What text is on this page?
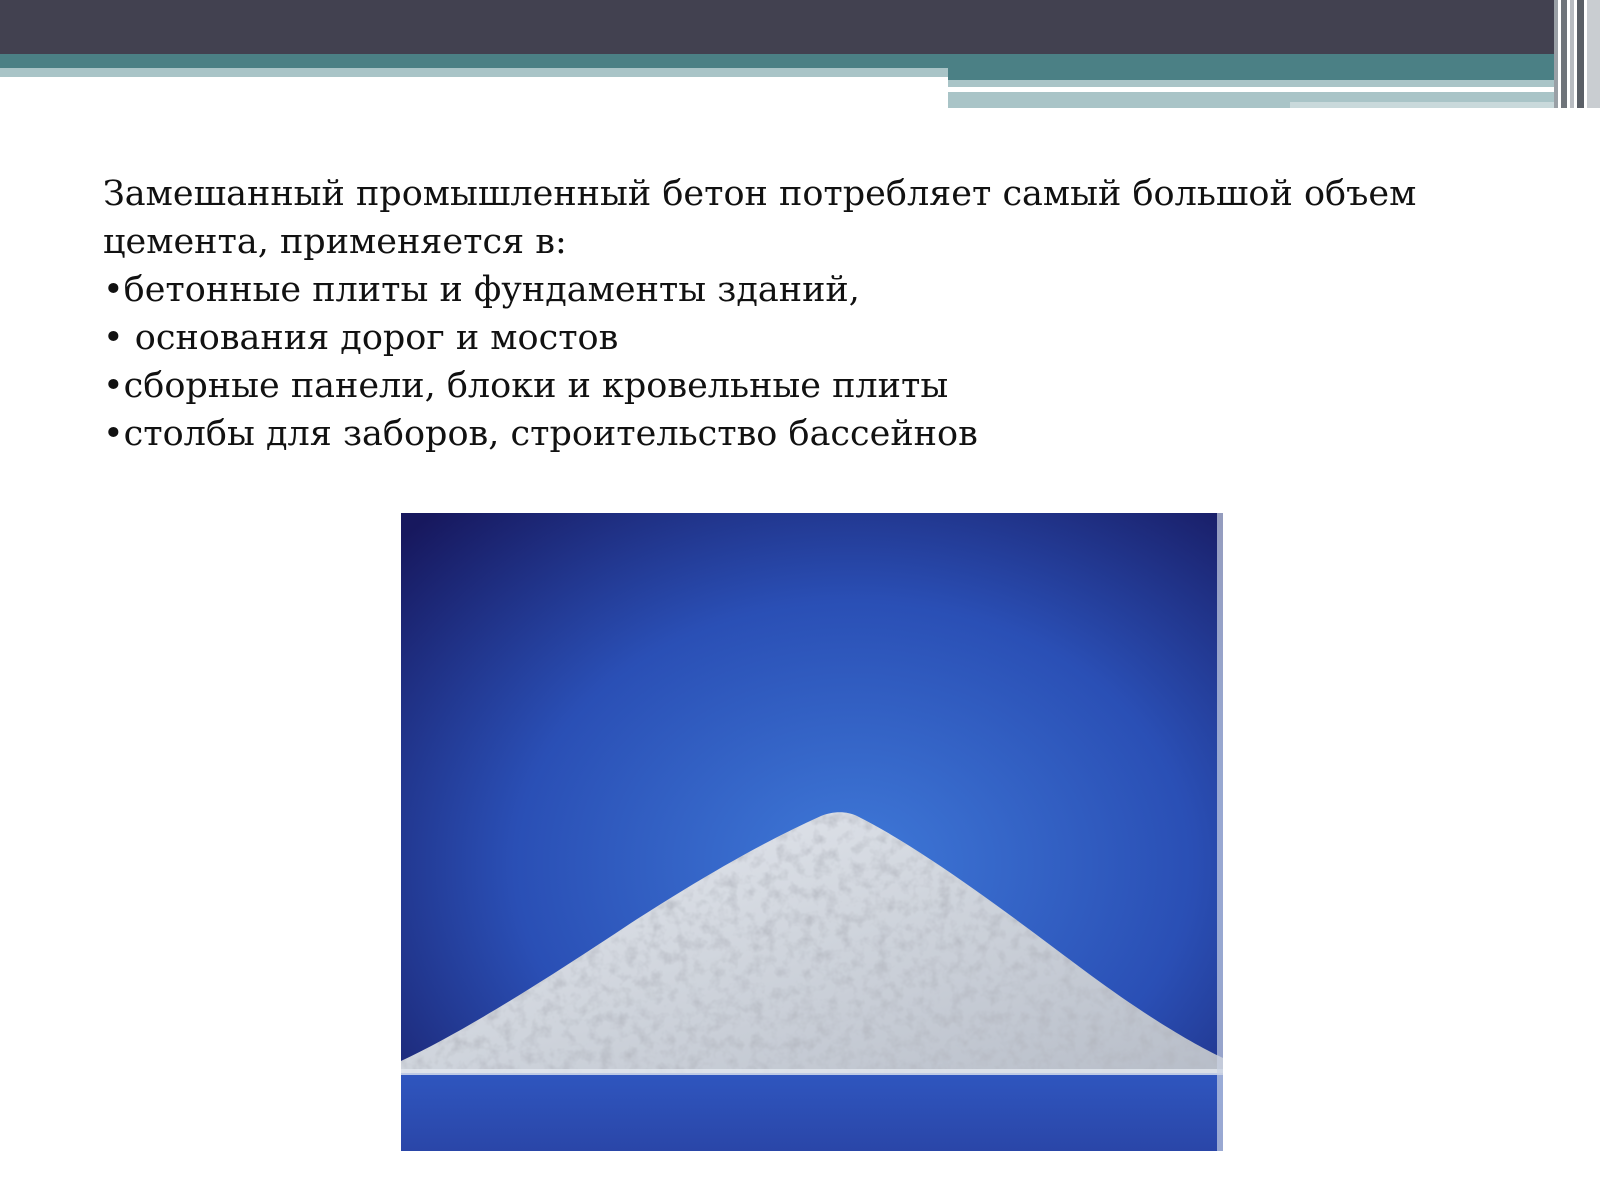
Замешанный промышленный бетон потребляет самый большой объем

цемента, применяется в:

•бетонные плиты и фундаменты зданий,

• основания дорог и мостов

•сборные панели, блоки и кровельные плиты

•столбы для заборов, строительство бассейнов
